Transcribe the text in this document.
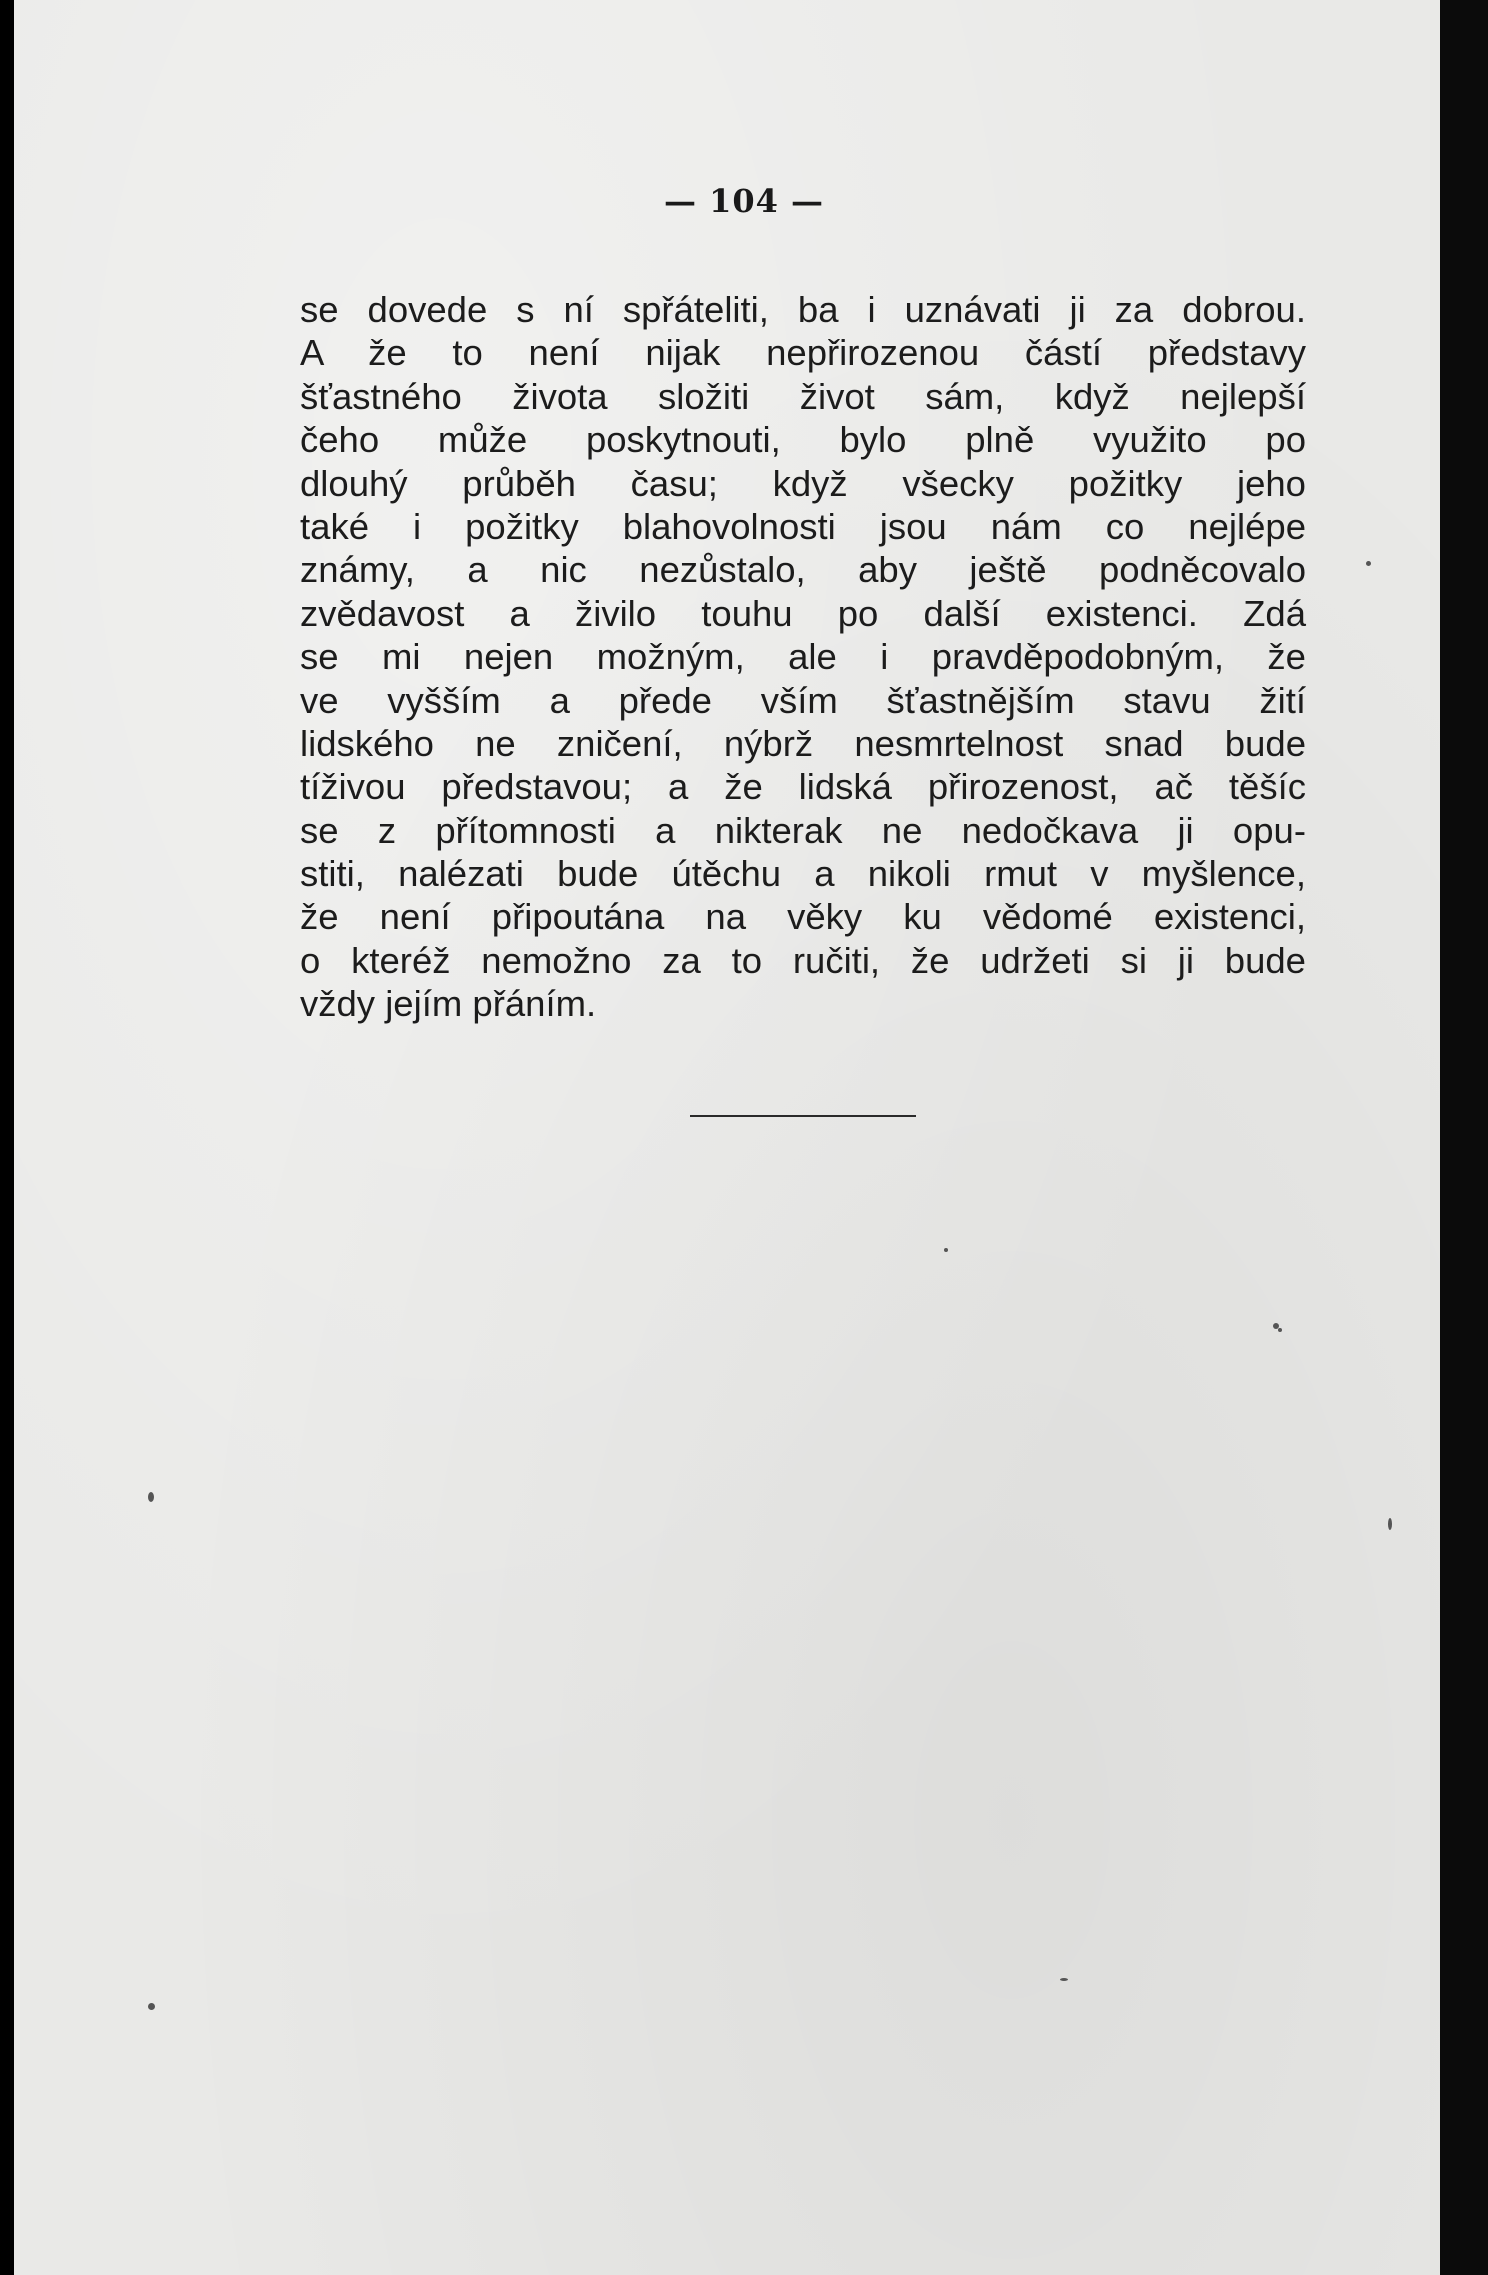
— 104 —
se dovede s ní spřáteliti, ba i uznávati ji za dobrou.
A že to není nijak nepřirozenou částí představy
šťastného života složiti život sám, když nejlepší
čeho může poskytnouti, bylo plně využito po
dlouhý průběh času; když všecky požitky jeho
také i požitky blahovolnosti jsou nám co nejlépe
známy, a nic nezůstalo, aby ještě podněcovalo
zvědavost a živilo touhu po další existenci. Zdá
se mi nejen možným, ale i pravděpodobným, že
ve vyšším a přede vším šťastnějším stavu žití
lidského ne zničení, nýbrž nesmrtelnost snad bude
tíživou představou; a že lidská přirozenost, ač těšíc
se z přítomnosti a nikterak ne nedočkava ji opu-
stiti, nalézati bude útěchu a nikoli rmut v myšlence,
že není připoutána na věky ku vědomé existenci,
o kteréž nemožno za to ručiti, že udržeti si ji bude
vždy jejím přáním.
